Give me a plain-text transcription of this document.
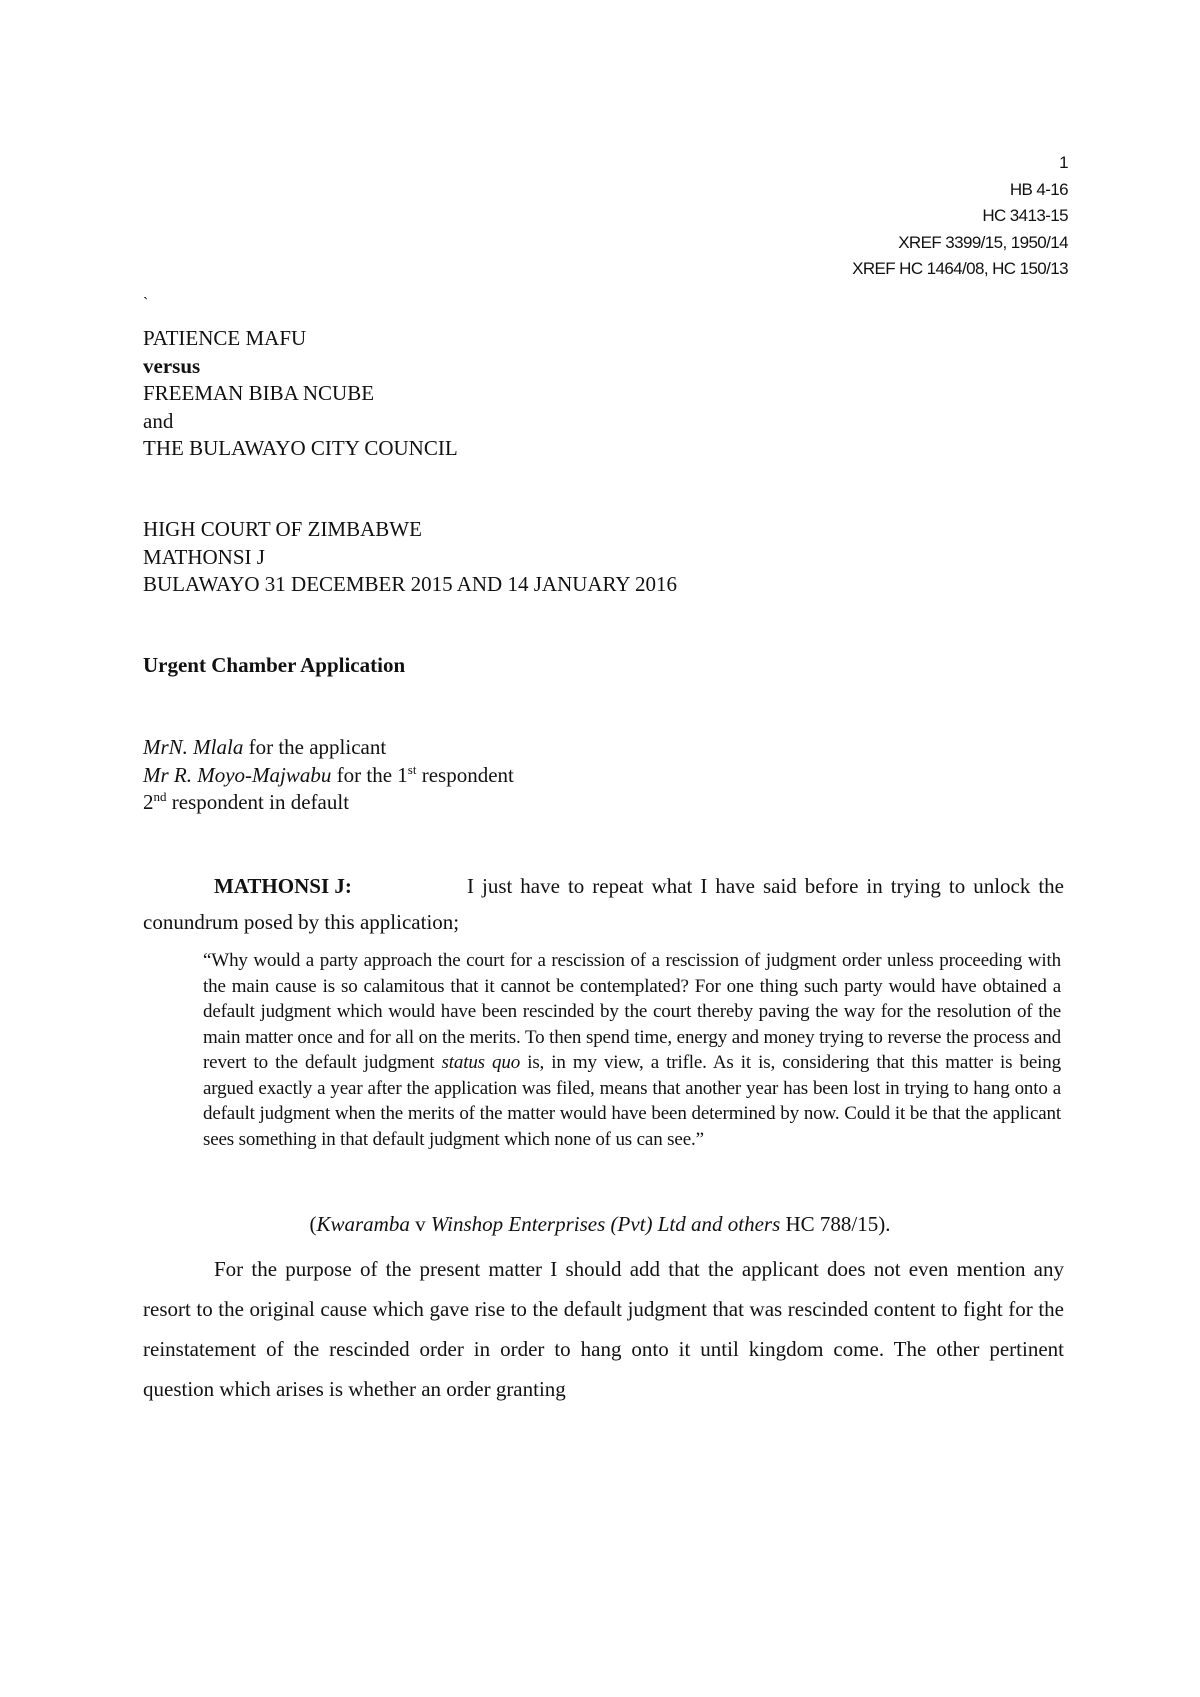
1
HB 4-16
HC 3413-15
XREF 3399/15, 1950/14
XREF HC 1464/08, HC 150/13
`
PATIENCE MAFU
versus
FREEMAN BIBA NCUBE
and
THE BULAWAYO CITY COUNCIL
HIGH COURT OF ZIMBABWE
MATHONSI J
BULAWAYO 31 DECEMBER 2015 AND 14 JANUARY 2016
Urgent Chamber Application
MrN. Mlala for the applicant
Mr R. Moyo-Majwabu for the 1st respondent
2nd respondent in default
MATHONSI J:	I just have to repeat what I have said before in trying to unlock the
conundrum posed by this application;
“Why would a party approach the court for a rescission of a rescission of judgment order unless proceeding with the main cause is so calamitous that it cannot be contemplated? For one thing such party would have obtained a default judgment which would have been rescinded by the court thereby paving the way for the resolution of the main matter once and for all on the merits. To then spend time, energy and money trying to reverse the process and revert to the default judgment status quo is, in my view, a trifle. As it is, considering that this matter is being argued exactly a year after the application was filed, means that another year has been lost in trying to hang onto a default judgment when the merits of the matter would have been determined by now. Could it be that the applicant sees something in that default judgment which none of us can see.”
(Kwaramba v Winshop Enterprises (Pvt) Ltd and others HC 788/15).
For the purpose of the present matter I should add that the applicant does not even mention any resort to the original cause which gave rise to the default judgment that was rescinded content to fight for the reinstatement of the rescinded order in order to hang onto it until kingdom come. The other pertinent question which arises is whether an order granting
